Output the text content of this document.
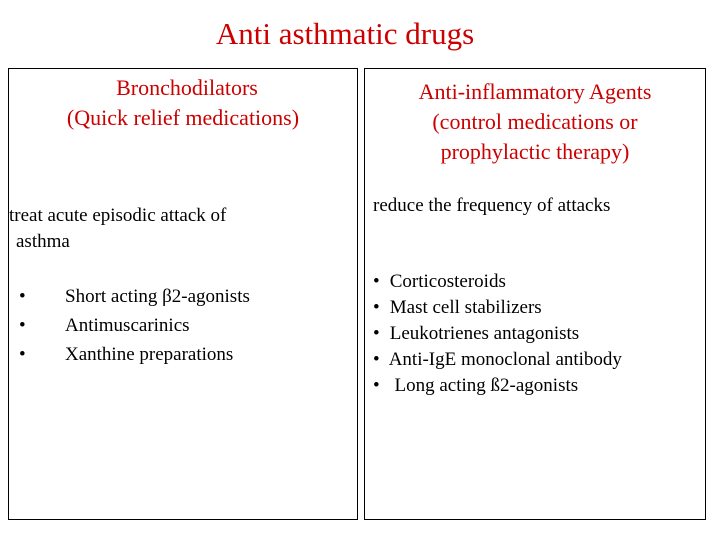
Anti asthmatic drugs
Bronchodilators
(Quick relief medications)
treat acute episodic attack of
asthma
•	Short acting β2-agonists
•	Antimuscarinics
•	Xanthine preparations
Anti-inflammatory Agents
(control medications or
prophylactic therapy)
reduce the frequency of attacks
• Corticosteroids
• Mast cell stabilizers
• Leukotrienes antagonists
• Anti-IgE monoclonal antibody
•  Long acting ß2-agonists
